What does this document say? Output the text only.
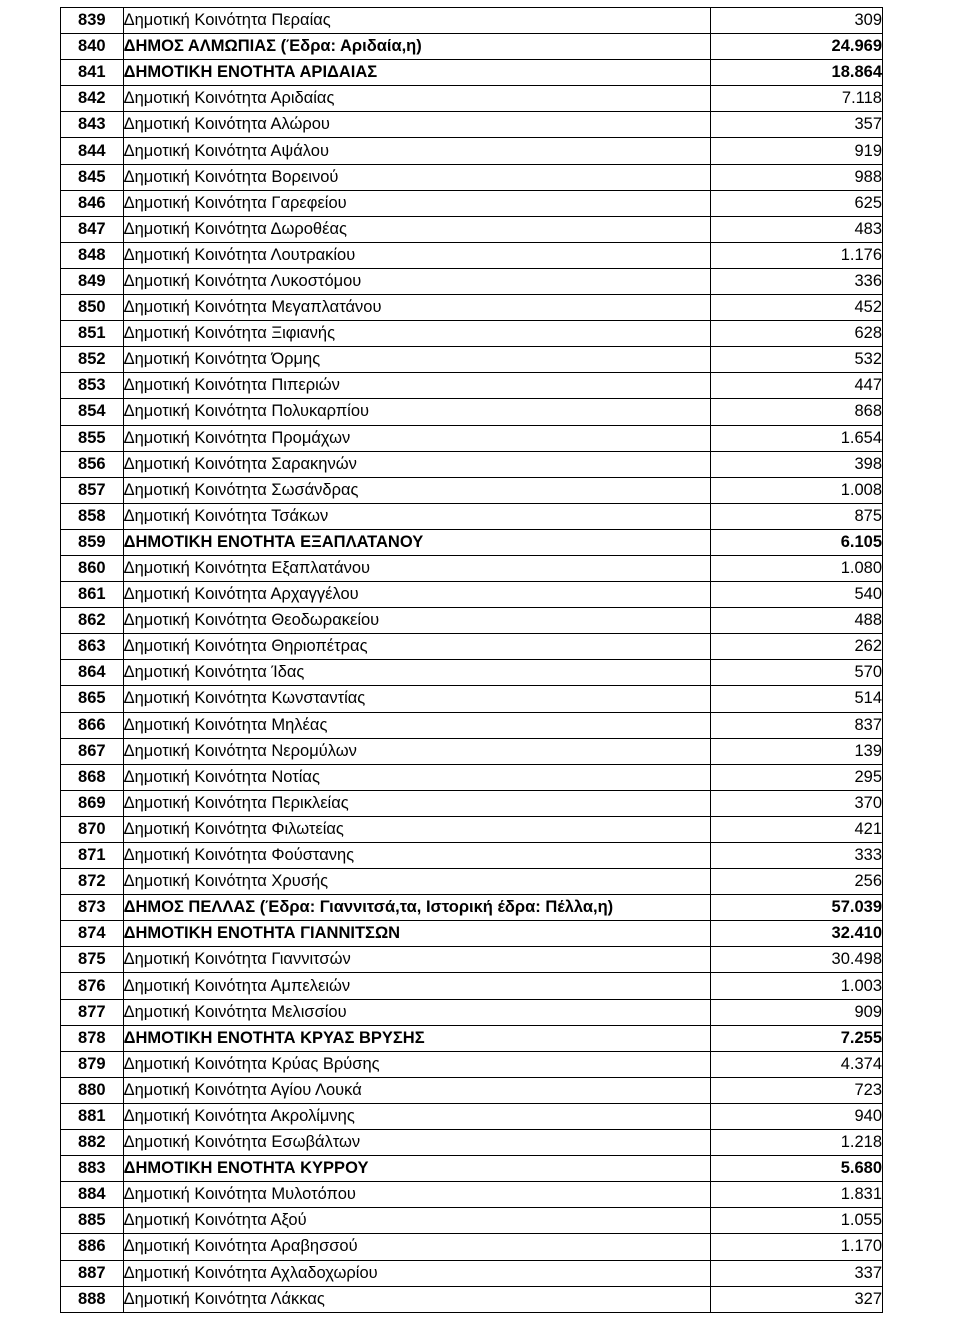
839	Δημοτική Κοινότητα Περαίας	309
840	ΔΗΜΟΣ ΑΛΜΩΠΙΑΣ (Έδρα: Αριδαία,η)	24.969
841	ΔΗΜΟΤΙΚΗ ΕΝΟΤΗΤΑ ΑΡΙΔΑΙΑΣ	18.864
842	Δημοτική Κοινότητα Αριδαίας	7.118
843	Δημοτική Κοινότητα Αλώρου	357
844	Δημοτική Κοινότητα Αψάλου	919
845	Δημοτική Κοινότητα Βορεινού	988
846	Δημοτική Κοινότητα Γαρεφείου	625
847	Δημοτική Κοινότητα Δωροθέας	483
848	Δημοτική Κοινότητα Λουτρακίου	1.176
849	Δημοτική Κοινότητα Λυκοστόμου	336
850	Δημοτική Κοινότητα Μεγαπλατάνου	452
851	Δημοτική Κοινότητα Ξιφιανής	628
852	Δημοτική Κοινότητα Όρμης	532
853	Δημοτική Κοινότητα Πιπεριών	447
854	Δημοτική Κοινότητα Πολυκαρπίου	868
855	Δημοτική Κοινότητα Προμάχων	1.654
856	Δημοτική Κοινότητα Σαρακηνών	398
857	Δημοτική Κοινότητα Σωσάνδρας	1.008
858	Δημοτική Κοινότητα Τσάκων	875
859	ΔΗΜΟΤΙΚΗ ΕΝΟΤΗΤΑ ΕΞΑΠΛΑΤΑΝΟΥ	6.105
860	Δημοτική Κοινότητα Εξαπλατάνου	1.080
861	Δημοτική Κοινότητα Αρχαγγέλου	540
862	Δημοτική Κοινότητα Θεοδωρακείου	488
863	Δημοτική Κοινότητα Θηριοπέτρας	262
864	Δημοτική Κοινότητα Ίδας	570
865	Δημοτική Κοινότητα Κωνσταντίας	514
866	Δημοτική Κοινότητα Μηλέας	837
867	Δημοτική Κοινότητα Νερομύλων	139
868	Δημοτική Κοινότητα Νοτίας	295
869	Δημοτική Κοινότητα Περικλείας	370
870	Δημοτική Κοινότητα Φιλωτείας	421
871	Δημοτική Κοινότητα Φούστανης	333
872	Δημοτική Κοινότητα Χρυσής	256
873	ΔΗΜΟΣ ΠΕΛΛΑΣ (Έδρα: Γιαννιτσά,τα, Ιστορική έδρα: Πέλλα,η)	57.039
874	ΔΗΜΟΤΙΚΗ ΕΝΟΤΗΤΑ ΓΙΑΝΝΙΤΣΩΝ	32.410
875	Δημοτική Κοινότητα Γιαννιτσών	30.498
876	Δημοτική Κοινότητα Αμπελειών	1.003
877	Δημοτική Κοινότητα Μελισσίου	909
878	ΔΗΜΟΤΙΚΗ ΕΝΟΤΗΤΑ ΚΡΥΑΣ ΒΡΥΣΗΣ	7.255
879	Δημοτική Κοινότητα Κρύας Βρύσης	4.374
880	Δημοτική Κοινότητα Αγίου Λουκά	723
881	Δημοτική Κοινότητα Ακρολίμνης	940
882	Δημοτική Κοινότητα Εσωβάλτων	1.218
883	ΔΗΜΟΤΙΚΗ ΕΝΟΤΗΤΑ ΚΥΡΡΟΥ	5.680
884	Δημοτική Κοινότητα Μυλοτόπου	1.831
885	Δημοτική Κοινότητα Αξού	1.055
886	Δημοτική Κοινότητα Αραβησσού	1.170
887	Δημοτική Κοινότητα Αχλαδοχωρίου	337
888	Δημοτική Κοινότητα Λάκκας	327
